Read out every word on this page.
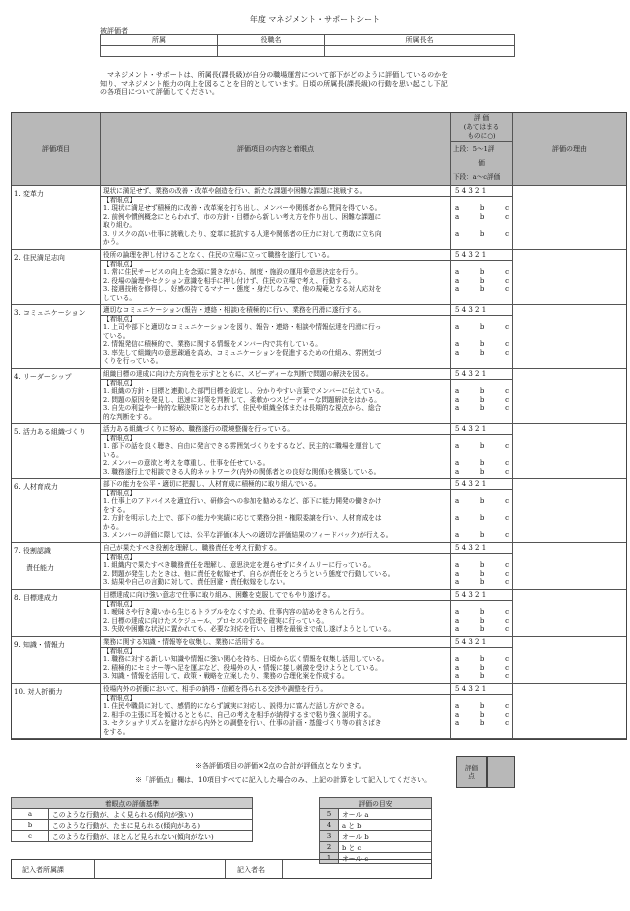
年度 マネジメント・サポートシート
被評価者
所属	役職名	所属長名

マネジメント・サポートは、所属長(課長級)が自分の職場運営について部下がどのように評価しているのかを

知り、マネジメント能力の向上を図ることを目的としています。日頃の所属長(課長級)の行動を思い起こし下記

の各項目について評価してください。

評価項目	評価項目の内容と着眼点
評 価
(あてはまる
ものに○)
上段：5〜1評
価
下段：a〜c評価
評価の理由
1. 変革力	現状に満足せず、業務の改善・改革や創造を行い、新たな課題や困難な課題に挑戦する。
【着眼点】
1. 現状に満足せず積極的に改善・改革案を打ち出し、メンバーや関係者から賛同を得ている。
2. 前例や慣例概念にとらわれず、市の方針・目標から新しい考え方を作り出し、困難な課題に
取り組む。
3. リスクの高い仕事に挑戦したり、変革に抵抗する人達や関係者の圧力に対して勇敢に立ち向
かう。
5 4 3 2 1
a	b	c
a	b	c
a	b	c
2. 住民満足志向	役所の論理を押し付けることなく、住民の立場に立って職務を遂行している。
【着眼点】
1. 常に住民サービスの向上を念頭に置きながら、制度・施設の運用や意思決定を行う。
2. 役場の論理やセクション意識を相手に押し付けず、住民の立場で考え、行動する。
3. 接遇技術を修得し、好感の持てるマナー・態度・身だしなみで、他の規範となる対人応対を
している。
5 4 3 2 1
a	b	c
a	b	c
a	b	c
3. コミュニケーション	適切なコミュニケーション(報告・連絡・相談)を積極的に行い、業務を円滑に遂行する。
【着眼点】
1. 上司や部下と適切なコミュニケーションを図り、報告・連絡・相談や情報伝達を円滑に行っ
ている。
2. 情報発信に積極的で、業務に関する情報をメンバー内で共有している。
3. 率先して組織内の意思疎通を高め、コミュニケーションを促進するための仕組み、雰囲気づ
くりを行っている。
5 4 3 2 1
a	b	c
a	b	c
a	b	c
4. リーダーシップ	組織目標の達成に向けた方向性を示すとともに、スピーディーな判断で問題の解決を図る。
【着眼点】
1. 組織の方針・目標と連動した部門目標を設定し、分かりやすい言葉でメンバーに伝えている。
2. 問題の原因を発見し、迅速に対策を判断して、柔軟かつスピーディーな問題解決をはかる。
3. 自先の利益や一時的な解決策にとらわれず、住民や組織全体または長期的な視点から、総合
的な判断をする。
5 4 3 2 1
a	b	c
a	b	c
a	b	c
5. 活力ある組織づくり	活力ある組織づくりに努め、職務遂行の環境整備を行っている。
【着眼点】
1. 部下の話を良く聴き、自由に発言できる雰囲気づくりをするなど、民主的に職場を運営して
いる。
2. メンバーの意欲と考えを尊重し、仕事を任せている。
3. 職務遂行上で相談できる人的ネットワーク(内外の関係者との良好な関係)を構築している。
5 4 3 2 1
a	b	c
a	b	c
a	b	c
6. 人材育成力	部下の能力を公平・適切に把握し、人材育成に積極的に取り組んでいる。
【着眼点】
1. 仕事上のアドバイスを適宜行い、研修会への参加を勧めるなど、部下に能力開発の働きかけ
をする。
2. 方針を明示した上で、部下の能力や実績に応じて業務分担・権限委譲を行い、人材育成をは
かる。
3. メンバーの評価に際しては、公平な評価(本人への適切な評価結果のフィードバック)が行える。
5 4 3 2 1
a	b	c
a	b	c
a	b	c
7. 役割認識
責任能力
自己が果たすべき役割を理解し、職務責任を考え行動する。
【着眼点】
1. 組織内で果たすべき職務責任を理解し、意思決定を遅らせずにタイムリーに行っている。
2. 問題が発生したときは、他に責任を転嫁せず、自らが責任をとろうという態度で行動している。
3. 結果や自己の言動に対して、責任回避・責任転嫁をしない。
5 4 3 2 1
a	b	c
a	b	c
a	b	c
8. 目標達成力	目標達成に向け強い意志で仕事に取り組み、困難を克服してでもやり遂げる。
【着眼点】
1. 曖昧さや行き違いから生じるトラブルをなくすため、仕事内容の詰めをきちんと行う。
2. 目標の達成に向けたスケジュール、プロセスの管理を確実に行っている。
3. 失敗や困難な状況に置かれても、必要な対応を行い、目標を最後まで成し遂げようとしている。
5 4 3 2 1
a	b	c
a	b	c
a	b	c
9. 知識・情報力	業務に関する知識・情報等を収集し、業務に活用する。
【着眼点】
1. 職務に対する新しい知識や情報に強い関心を持ち、日頃から広く情報を収集し活用している。
2. 積極的にセミナー等へ足を運ぶなど、役場外の人・情報に接し刺激を受けようとしている。
3. 知識・情報を活用して、政策・戦略を立案したり、業務の合理化案を作成する。
5 4 3 2 1
a	b	c
a	b	c
a	b	c
10. 対人折衝力	役場内外の折衝において、相手の納得・信頼を得られる交渉や調整を行う。
【着眼点】
1. 住民や職員に対して、感情的にならず誠実に対応し、説得力に富んだ話し方ができる。
2. 相手の主張に耳を傾けるとともに、自己の考えを相手が納得するまで粘り強く説明する。
3. セクショナリズムを避けながら内外との調整を行い、仕事の計画・基盤づくり等の前さばき
をする。
5 4 3 2 1
a	b	c
a	b	c
a	b	c
※各評価項目の評価×2点の合計が評価点となります。
※「評価点」欄は、10項目すべてに記入した場合のみ、上記の計算をして記入してください。
評価点
着眼点の評価基準	
a	このような行動が、よく見られる(傾向が強い)
b	このような行動が、たまに見られる(傾向がある)
c	このような行動が、ほとんど見られない(傾向がない)
評価の目安	
5	オール a
4	a と b
3	オール b
2	b と c
1	オール c
記入者所属課	記入者名
